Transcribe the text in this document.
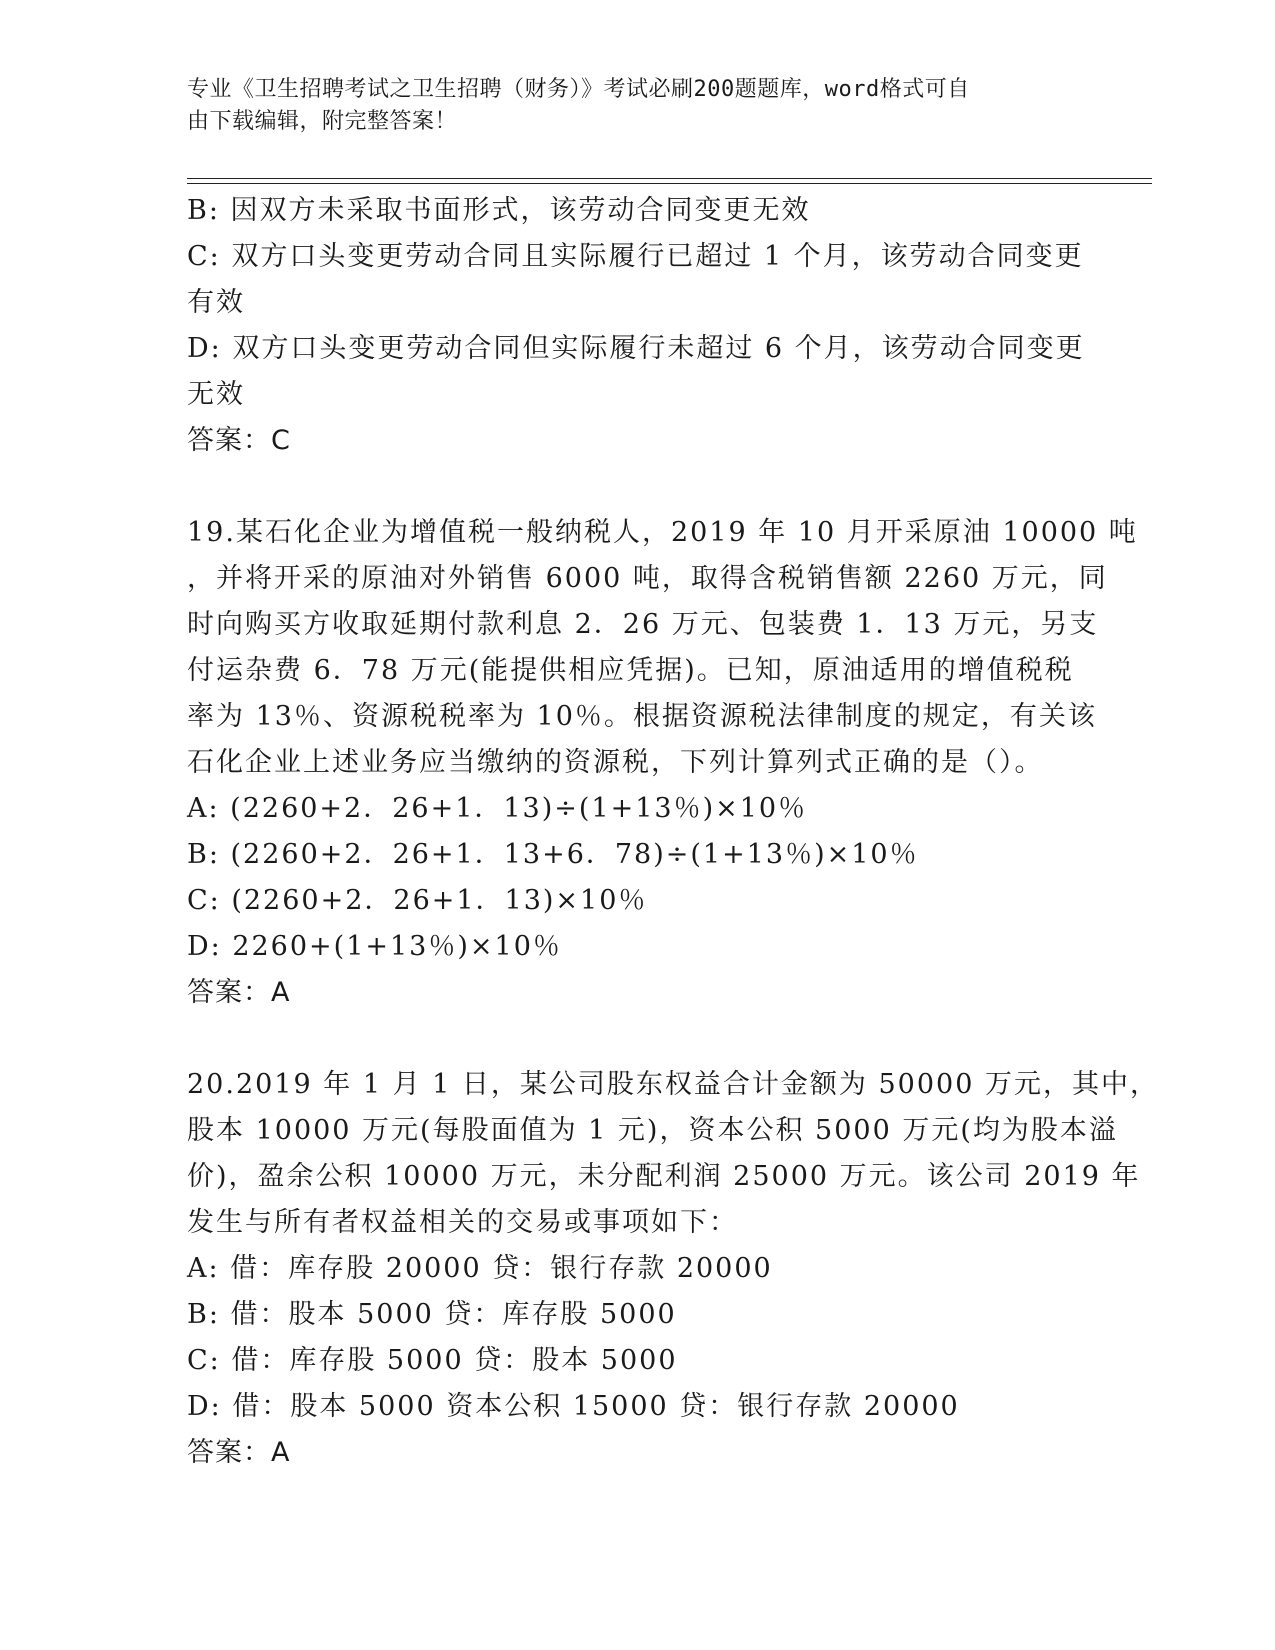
专业《卫生招聘考试之卫生招聘（财务）》考试必刷200题题库，word格式可自
由下载编辑，附完整答案！
B: 因双方未采取书面形式，该劳动合同变更无效
C: 双方口头变更劳动合同且实际履行已超过 1 个月，该劳动合同变更
有效
D: 双方口头变更劳动合同但实际履行未超过 6 个月，该劳动合同变更
无效
答案：C
19.某石化企业为增值税一般纳税人，2019 年 10 月开采原油 10000 吨
，并将开采的原油对外销售 6000 吨，取得含税销售额 2260 万元，同
时向购买方收取延期付款利息 2．26 万元、包装费 1．13 万元，另支
付运杂费 6．78 万元(能提供相应凭据)。已知，原油适用的增值税税
率为 13％、资源税税率为 10％。根据资源税法律制度的规定，有关该
石化企业上述业务应当缴纳的资源税，下列计算列式正确的是（）。
A: (2260+2．26+1．13)÷(1+13％)×10％
B: (2260+2．26+1．13+6．78)÷(1+13％)×10％
C: (2260+2．26+1．13)×10％
D: 2260+(1+13％)×10％
答案：A
20.2019 年 1 月 1 日，某公司股东权益合计金额为 50000 万元，其中，
股本 10000 万元(每股面值为 1 元)，资本公积 5000 万元(均为股本溢
价)，盈余公积 10000 万元，未分配利润 25000 万元。该公司 2019 年
发生与所有者权益相关的交易或事项如下：
A: 借：库存股 20000 贷：银行存款 20000
B: 借：股本 5000 贷：库存股 5000
C: 借：库存股 5000 贷：股本 5000
D: 借：股本 5000 资本公积 15000 贷：银行存款 20000
答案：A
